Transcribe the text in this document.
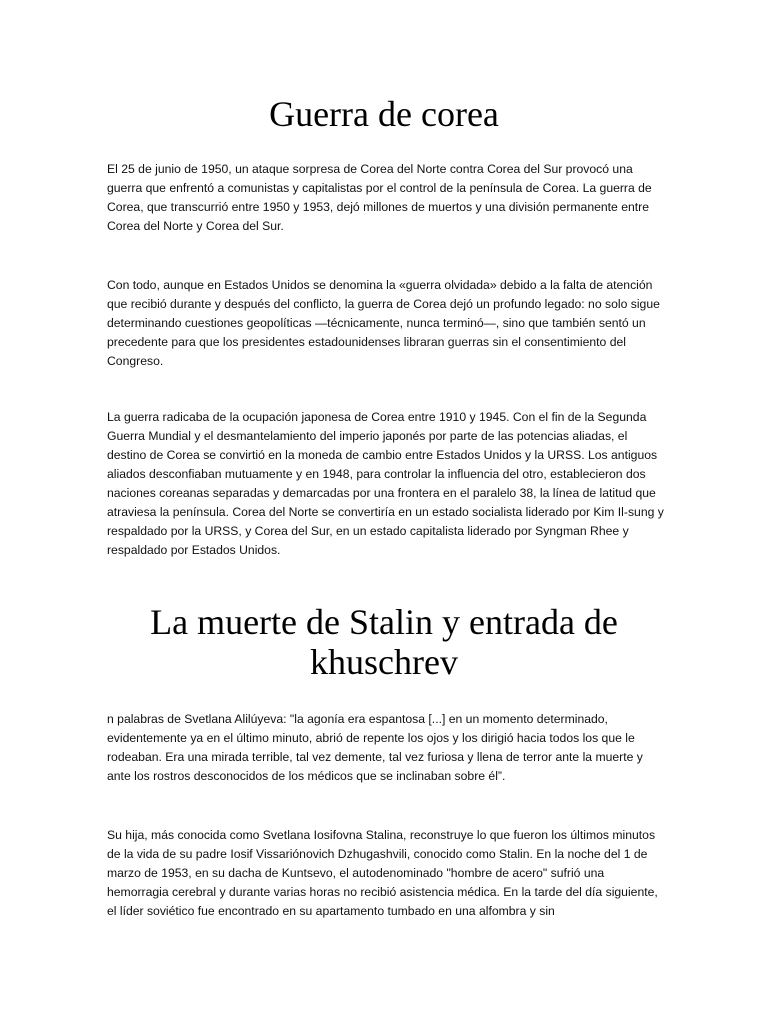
Guerra de corea

El 25 de junio de 1950, un ataque sorpresa de Corea del Norte contra Corea del Sur provocó una guerra que enfrentó a comunistas y capitalistas por el control de la península de Corea. La guerra de Corea, que transcurrió entre 1950 y 1953, dejó millones de muertos y una división permanente entre Corea del Norte y Corea del Sur.

Con todo, aunque en Estados Unidos se denomina la «guerra olvidada» debido a la falta de atención que recibió durante y después del conflicto, la guerra de Corea dejó un profundo legado: no solo sigue determinando cuestiones geopolíticas —técnicamente, nunca terminó—, sino que también sentó un precedente para que los presidentes estadounidenses libraran guerras sin el consentimiento del Congreso.

La guerra radicaba de la ocupación japonesa de Corea entre 1910 y 1945. Con el fin de la Segunda Guerra Mundial y el desmantelamiento del imperio japonés por parte de las potencias aliadas, el destino de Corea se convirtió en la moneda de cambio entre Estados Unidos y la URSS. Los antiguos aliados desconfiaban mutuamente y en 1948, para controlar la influencia del otro, establecieron dos naciones coreanas separadas y demarcadas por una frontera en el paralelo 38, la línea de latitud que atraviesa la península. Corea del Norte se convertiría en un estado socialista liderado por Kim Il-sung y respaldado por la URSS, y Corea del Sur, en un estado capitalista liderado por Syngman Rhee y respaldado por Estados Unidos.

La muerte de Stalin y entrada de khuschrev

n palabras de Svetlana Alilúyeva: "la agonía era espantosa [...] en un momento determinado, evidentemente ya en el último minuto, abrió de repente los ojos y los dirigió hacia todos los que le rodeaban. Era una mirada terrible, tal vez demente, tal vez furiosa y llena de terror ante la muerte y ante los rostros desconocidos de los médicos que se inclinaban sobre él”.

Su hija, más conocida como Svetlana Iosifovna Stalina, reconstruye lo que fueron los últimos minutos de la vida de su padre Iosif Vissariónovich Dzhugashvili, conocido como Stalin. En la noche del 1 de marzo de 1953, en su dacha de Kuntsevo, el autodenominado "hombre de acero" sufrió una hemorragia cerebral y durante varias horas no recibió asistencia médica. En la tarde del día siguiente, el líder soviético fue encontrado en su apartamento tumbado en una alfombra y sin
